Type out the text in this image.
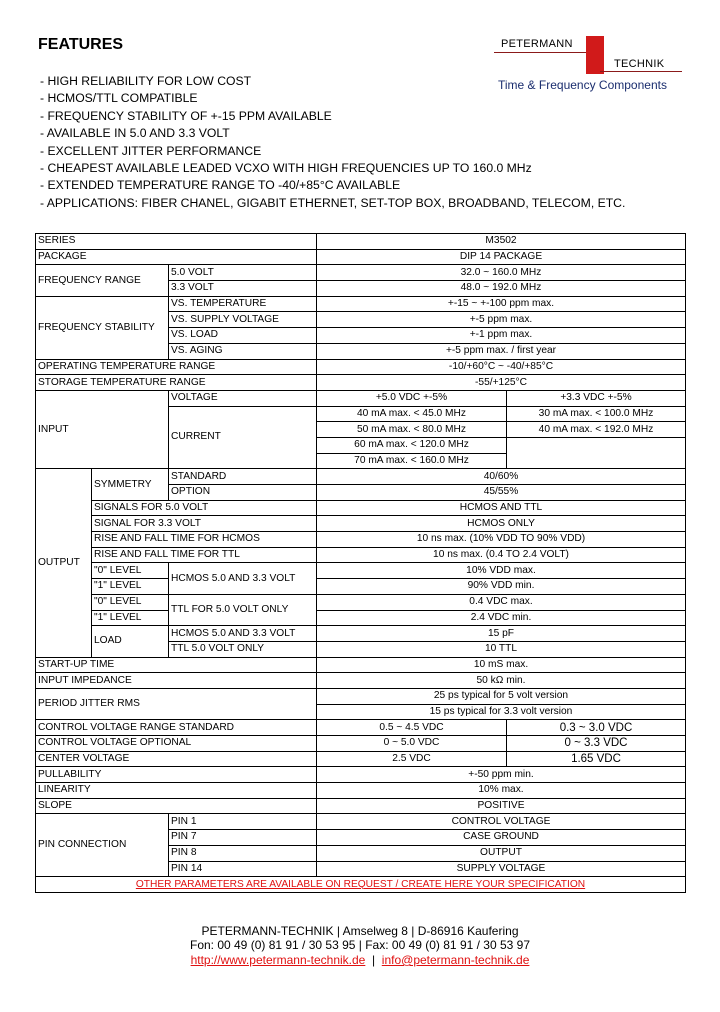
FEATURES	PETERMANN
TECHNIK
Time & Frequency Components
- HIGH RELIABILITY FOR LOW COST
- HCMOS/TTL COMPATIBLE
- FREQUENCY STABILITY OF +-15 PPM AVAILABLE
- AVAILABLE IN 5.0 AND 3.3 VOLT
- EXCELLENT JITTER PERFORMANCE
- CHEAPEST AVAILABLE LEADED VCXO WITH HIGH FREQUENCIES UP TO 160.0 MHz
- EXTENDED TEMPERATURE RANGE TO -40/+85°C AVAILABLE
- APPLICATIONS: FIBER CHANEL, GIGABIT ETHERNET, SET-TOP BOX, BROADBAND, TELECOM, ETC.
SERIES			M3502	
PACKAGE			DIP 14 PACKAGE	
FREQUENCY RANGE		5.0 VOLT	32.0 ~ 160.0 MHz	
		3.3 VOLT	48.0 ~ 192.0 MHz	
FREQUENCY STABILITY		VS. TEMPERATURE	+-15 ~ +-100 ppm max.	
		VS. SUPPLY VOLTAGE	+-5 ppm max.	
		VS. LOAD	+-1 ppm max.	
		VS. AGING	+-5 ppm max. / first year	
OPERATING TEMPERATURE RANGE			-10/+60°C ~ -40/+85°C	
STORAGE TEMPERATURE RANGE			-55/+125°C	
INPUT		VOLTAGE	+5.0 VDC +-5%	+3.3 VDC +-5%
		CURRENT	40 mA max. < 45.0 MHz	30 mA max. < 100.0 MHz
			50 mA max. < 80.0 MHz	40 mA max. < 192.0 MHz
			60 mA max. < 120.0 MHz	
			70 mA max. < 160.0 MHz	
OUTPUT	SYMMETRY	STANDARD	40/60%	
		OPTION	45/55%	
	SIGNALS FOR 5.0 VOLT		HCMOS AND TTL	
	SIGNAL FOR 3.3 VOLT		HCMOS ONLY	
	RISE AND FALL TIME FOR HCMOS		10 ns max. (10% VDD TO 90% VDD)	
	RISE AND FALL TIME FOR TTL		10 ns max. (0.4 TO 2.4 VOLT)	
	"0" LEVEL	HCMOS 5.0 AND 3.3 VOLT	10% VDD max.	
	"1" LEVEL		90% VDD min.	
	"0" LEVEL	TTL FOR 5.0 VOLT ONLY	0.4 VDC max.	
	"1" LEVEL		2.4 VDC min.	
	LOAD	HCMOS 5.0 AND 3.3 VOLT	15 pF	
		TTL 5.0 VOLT ONLY	10 TTL	
START-UP TIME			10 mS max.	
INPUT IMPEDANCE			50 kΩ min.	
PERIOD JITTER RMS			25 ps typical for 5 volt version	
			15 ps typical for 3.3 volt version	
CONTROL VOLTAGE RANGE STANDARD			0.5 ~ 4.5 VDC	0.3 ~ 3.0 VDC
CONTROL VOLTAGE OPTIONAL			0 ~ 5.0 VDC	0 ~ 3.3 VDC
CENTER VOLTAGE			2.5 VDC	1.65 VDC
PULLABILITY			+-50 ppm min.	
LINEARITY			10% max.	
SLOPE			POSITIVE	
PIN CONNECTION		PIN 1	CONTROL VOLTAGE	
		PIN 7	CASE GROUND	
		PIN 8	OUTPUT	
		PIN 14	SUPPLY VOLTAGE	
OTHER PARAMETERS ARE AVAILABLE ON REQUEST / CREATE HERE YOUR SPECIFICATION				
PETERMANN-TECHNIK | Amselweg 8 | D-86916 Kaufering
Fon: 00 49 (0) 81 91 / 30 53 95 | Fax: 00 49 (0) 81 91 / 30 53 97
http://www.petermann-technik.de  |  info@petermann-technik.de
